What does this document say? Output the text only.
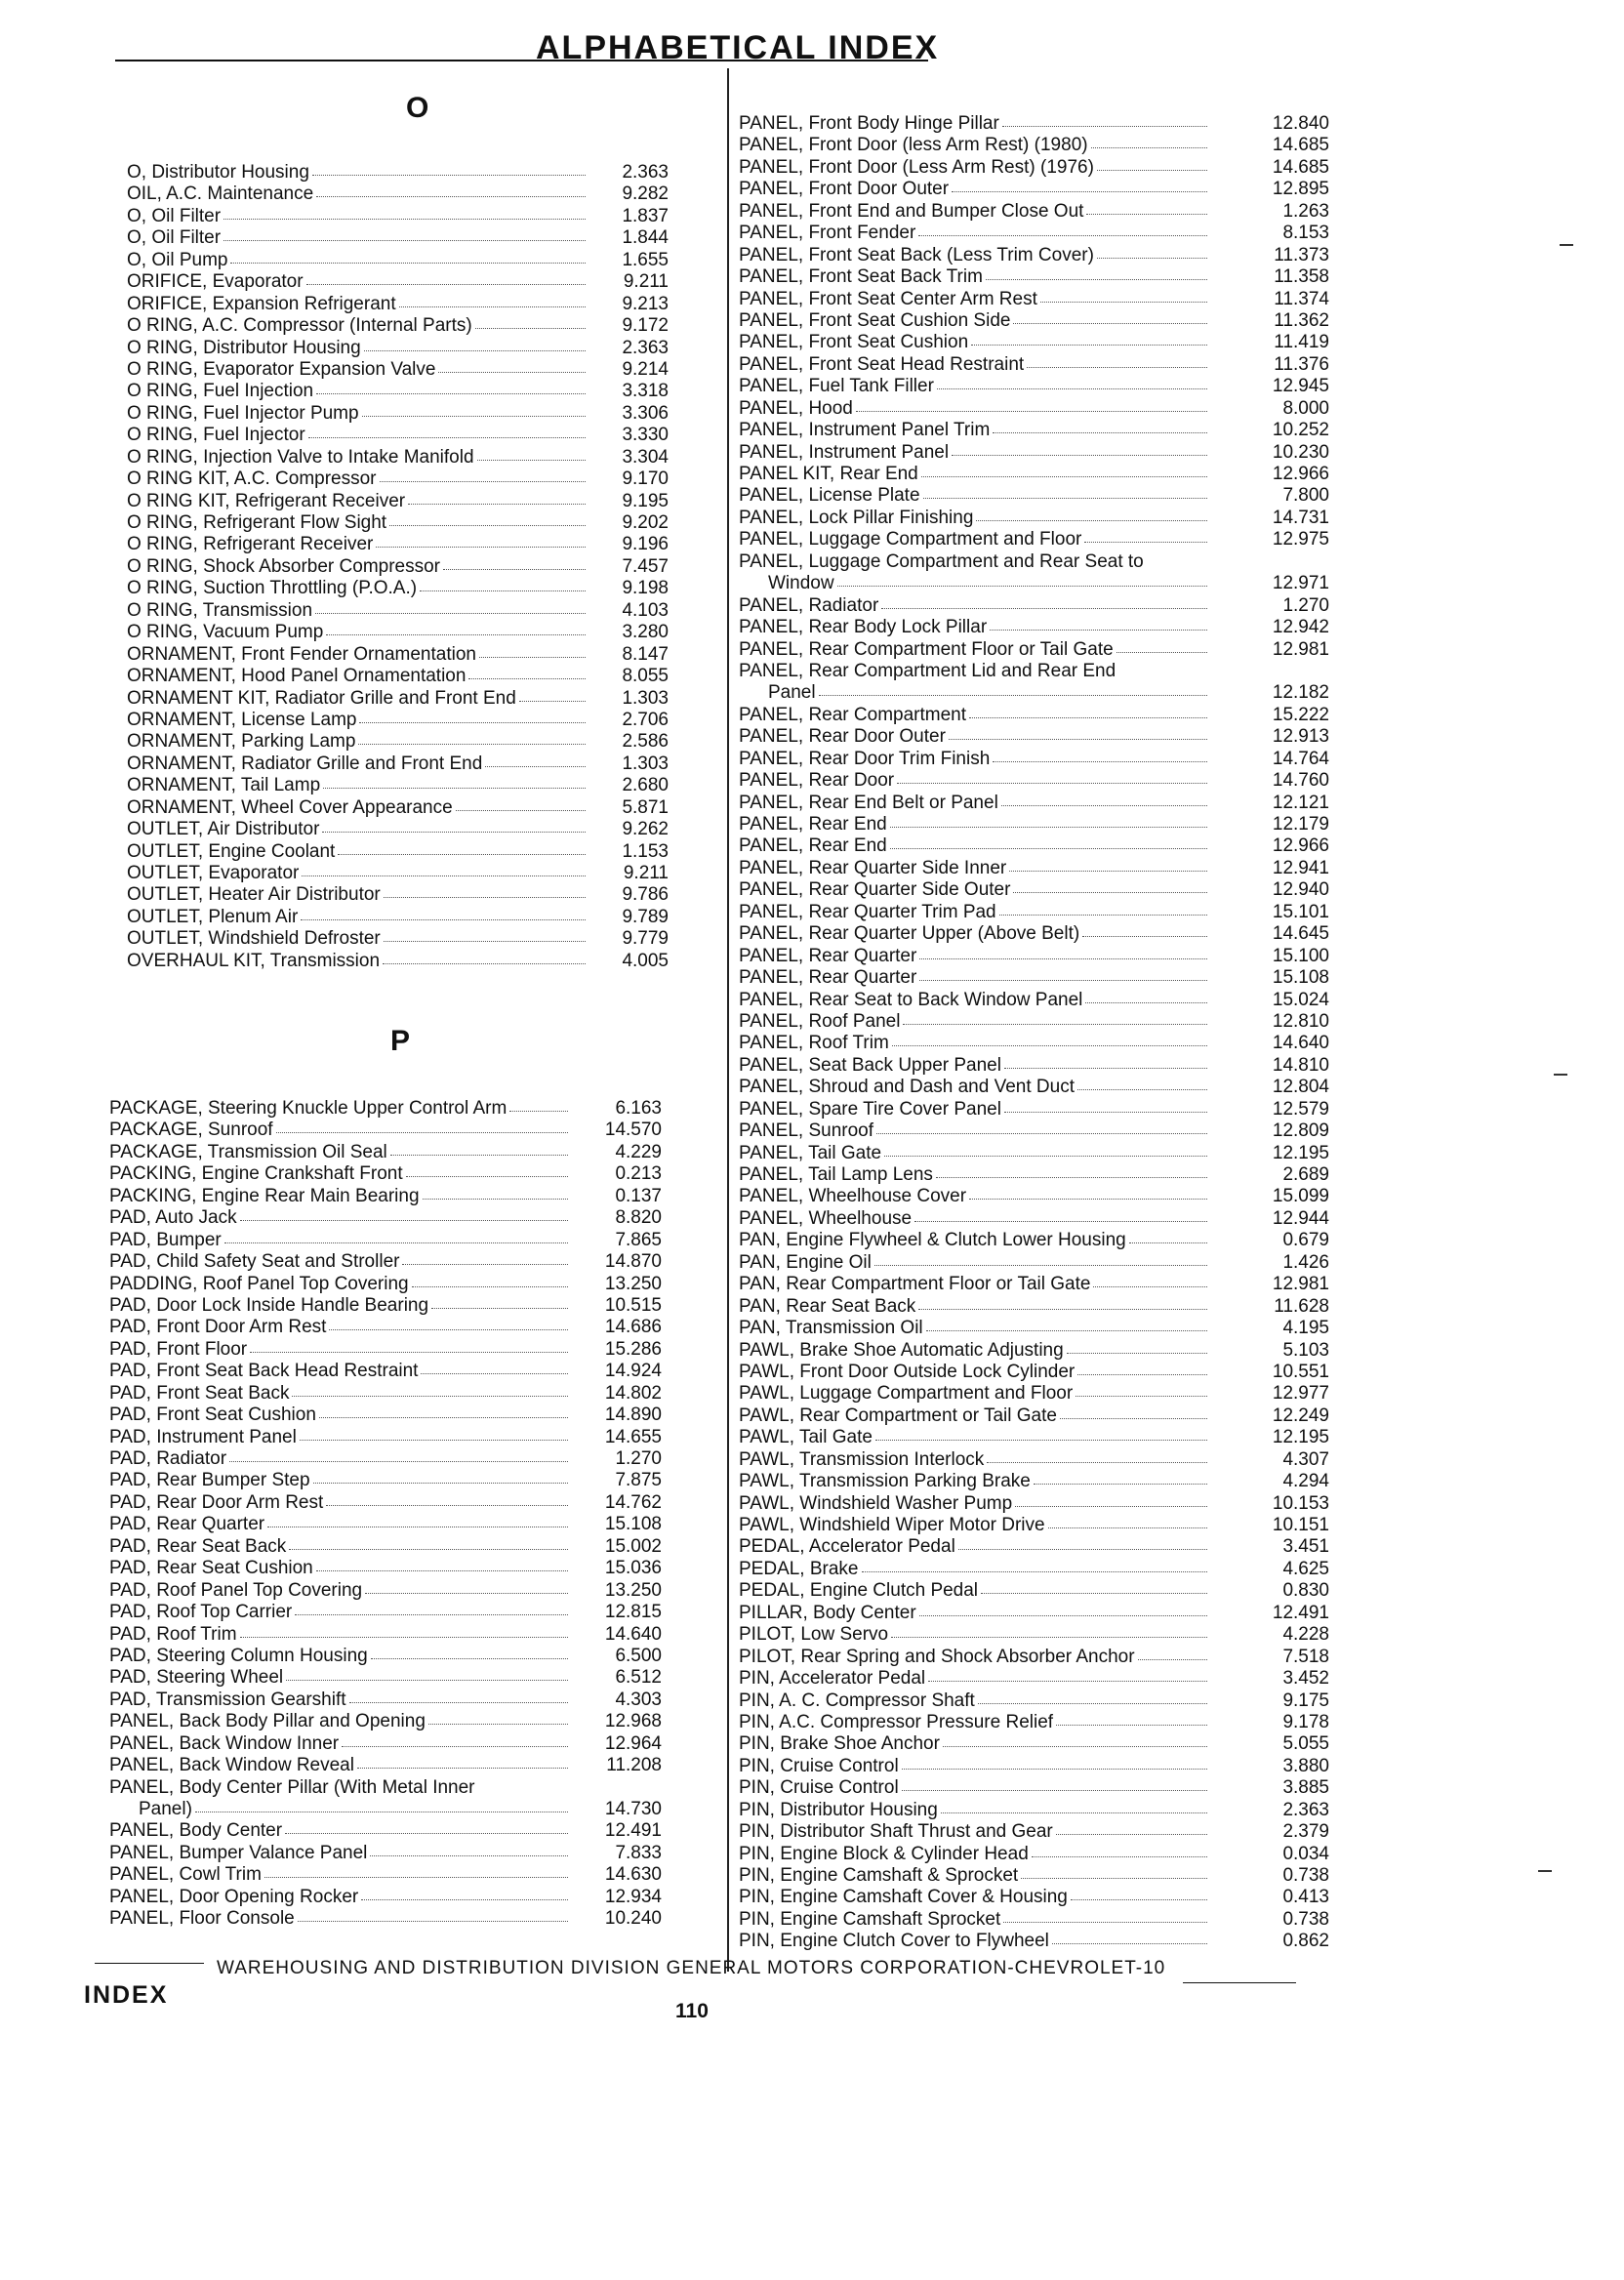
ALPHABETICAL INDEX
O
O, Distributor Housing	2.363
OIL, A.C. Maintenance	9.282
O, Oil Filter	1.837
O, Oil Filter	1.844
O, Oil Pump	1.655
ORIFICE, Evaporator	9.211
ORIFICE, Expansion Refrigerant	9.213
O RING, A.C. Compressor (Internal Parts)	9.172
O RING, Distributor Housing	2.363
O RING, Evaporator Expansion Valve	9.214
O RING, Fuel Injection	3.318
O RING, Fuel Injector Pump	3.306
O RING, Fuel Injector	3.330
O RING, Injection Valve to Intake Manifold	3.304
O RING KIT, A.C. Compressor	9.170
O RING KIT, Refrigerant Receiver	9.195
O RING, Refrigerant Flow Sight	9.202
O RING, Refrigerant Receiver	9.196
O RING, Shock Absorber Compressor	7.457
O RING, Suction Throttling (P.O.A.)	9.198
O RING, Transmission	4.103
O RING, Vacuum Pump	3.280
ORNAMENT, Front Fender Ornamentation	8.147
ORNAMENT, Hood Panel Ornamentation	8.055
ORNAMENT KIT, Radiator Grille and Front End	1.303
ORNAMENT, License Lamp	2.706
ORNAMENT, Parking Lamp	2.586
ORNAMENT, Radiator Grille and Front End	1.303
ORNAMENT, Tail Lamp	2.680
ORNAMENT, Wheel Cover Appearance	5.871
OUTLET, Air Distributor	9.262
OUTLET, Engine Coolant	1.153
OUTLET, Evaporator	9.211
OUTLET, Heater Air Distributor	9.786
OUTLET, Plenum Air	9.789
OUTLET, Windshield Defroster	9.779
OVERHAUL KIT, Transmission	4.005
P
PACKAGE, Steering Knuckle Upper Control Arm	6.163
PACKAGE, Sunroof	14.570
PACKAGE, Transmission Oil Seal	4.229
PACKING, Engine Crankshaft Front	0.213
PACKING, Engine Rear Main Bearing	0.137
PAD, Auto Jack	8.820
PAD, Bumper	7.865
PAD, Child Safety Seat and Stroller	14.870
PADDING, Roof Panel Top Covering	13.250
PAD, Door Lock Inside Handle Bearing	10.515
PAD, Front Door Arm Rest	14.686
PAD, Front Floor	15.286
PAD, Front Seat Back Head Restraint	14.924
PAD, Front Seat Back	14.802
PAD, Front Seat Cushion	14.890
PAD, Instrument Panel	14.655
PAD, Radiator	1.270
PAD, Rear Bumper Step	7.875
PAD, Rear Door Arm Rest	14.762
PAD, Rear Quarter	15.108
PAD, Rear Seat Back	15.002
PAD, Rear Seat Cushion	15.036
PAD, Roof Panel Top Covering	13.250
PAD, Roof Top Carrier	12.815
PAD, Roof Trim	14.640
PAD, Steering Column Housing	6.500
PAD, Steering Wheel	6.512
PAD, Transmission Gearshift	4.303
PANEL, Back Body Pillar and Opening	12.968
PANEL, Back Window Inner	12.964
PANEL, Back Window Reveal	11.208
PANEL, Body Center Pillar (With Metal Inner
Panel)	14.730
PANEL, Body Center	12.491
PANEL, Bumper Valance Panel	7.833
PANEL, Cowl Trim	14.630
PANEL, Door Opening Rocker	12.934
PANEL, Floor Console	10.240
PANEL, Front Body Hinge Pillar	12.840
PANEL, Front Door (less Arm Rest) (1980)	14.685
PANEL, Front Door (Less Arm Rest) (1976)	14.685
PANEL, Front Door Outer	12.895
PANEL, Front End and Bumper Close Out	1.263
PANEL, Front Fender	8.153
PANEL, Front Seat Back (Less Trim Cover)	11.373
PANEL, Front Seat Back Trim	11.358
PANEL, Front Seat Center Arm Rest	11.374
PANEL, Front Seat Cushion Side	11.362
PANEL, Front Seat Cushion	11.419
PANEL, Front Seat Head Restraint	11.376
PANEL, Fuel Tank Filler	12.945
PANEL, Hood	8.000
PANEL, Instrument Panel Trim	10.252
PANEL, Instrument Panel	10.230
PANEL KIT, Rear End	12.966
PANEL, License Plate	7.800
PANEL, Lock Pillar Finishing	14.731
PANEL, Luggage Compartment and Floor	12.975
PANEL, Luggage Compartment and Rear Seat to
Window	12.971
PANEL, Radiator	1.270
PANEL, Rear Body Lock Pillar	12.942
PANEL, Rear Compartment Floor or Tail Gate	12.981
PANEL, Rear Compartment Lid and Rear End
Panel	12.182
PANEL, Rear Compartment	15.222
PANEL, Rear Door Outer	12.913
PANEL, Rear Door Trim Finish	14.764
PANEL, Rear Door	14.760
PANEL, Rear End Belt or Panel	12.121
PANEL, Rear End	12.179
PANEL, Rear End	12.966
PANEL, Rear Quarter Side Inner	12.941
PANEL, Rear Quarter Side Outer	12.940
PANEL, Rear Quarter Trim Pad	15.101
PANEL, Rear Quarter Upper (Above Belt)	14.645
PANEL, Rear Quarter	15.100
PANEL, Rear Quarter	15.108
PANEL, Rear Seat to Back Window Panel	15.024
PANEL, Roof Panel	12.810
PANEL, Roof Trim	14.640
PANEL, Seat Back Upper Panel	14.810
PANEL, Shroud and Dash and Vent Duct	12.804
PANEL, Spare Tire Cover Panel	12.579
PANEL, Sunroof	12.809
PANEL, Tail Gate	12.195
PANEL, Tail Lamp Lens	2.689
PANEL, Wheelhouse Cover	15.099
PANEL, Wheelhouse	12.944
PAN, Engine Flywheel & Clutch Lower Housing	0.679
PAN, Engine Oil	1.426
PAN, Rear Compartment Floor or Tail Gate	12.981
PAN, Rear Seat Back	11.628
PAN, Transmission Oil	4.195
PAWL, Brake Shoe Automatic Adjusting	5.103
PAWL, Front Door Outside Lock Cylinder	10.551
PAWL, Luggage Compartment and Floor	12.977
PAWL, Rear Compartment or Tail Gate	12.249
PAWL, Tail Gate	12.195
PAWL, Transmission Interlock	4.307
PAWL, Transmission Parking Brake	4.294
PAWL, Windshield Washer Pump	10.153
PAWL, Windshield Wiper Motor Drive	10.151
PEDAL, Accelerator Pedal	3.451
PEDAL, Brake	4.625
PEDAL, Engine Clutch Pedal	0.830
PILLAR, Body Center	12.491
PILOT, Low Servo	4.228
PILOT, Rear Spring and Shock Absorber Anchor	7.518
PIN, Accelerator Pedal	3.452
PIN, A. C. Compressor Shaft	9.175
PIN, A.C. Compressor Pressure Relief	9.178
PIN, Brake Shoe Anchor	5.055
PIN, Cruise Control	3.880
PIN, Cruise Control	3.885
PIN, Distributor Housing	2.363
PIN, Distributor Shaft Thrust and Gear	2.379
PIN, Engine Block & Cylinder Head	0.034
PIN, Engine Camshaft & Sprocket	0.738
PIN, Engine Camshaft Cover & Housing	0.413
PIN, Engine Camshaft Sprocket	0.738
PIN, Engine Clutch Cover to Flywheel	0.862
WAREHOUSING AND DISTRIBUTION DIVISION GENERAL MOTORS CORPORATION-CHEVROLET-10
INDEX
110
